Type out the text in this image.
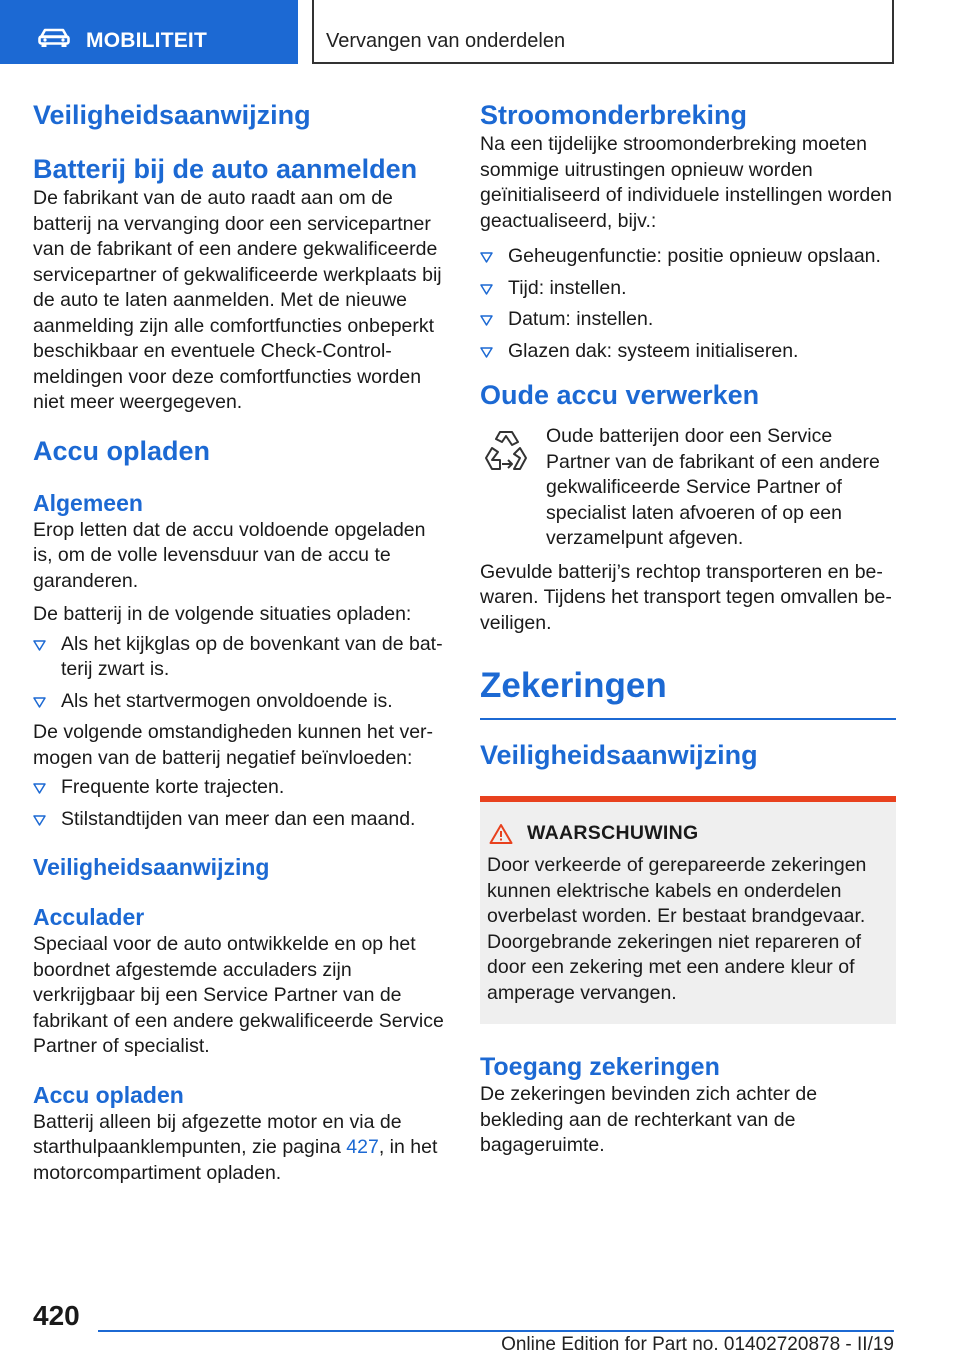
MOBILITEIT	Vervangen van onderdelen
Veiligheidsaanwijzing
Batterij bij de auto aanmelden

De fabrikant van de auto raadt aan om de batterij na vervanging door een servicepartner van de fabrikant of een andere gekwalificeerde servicepartner of gekwalificeerde werkplaats bij de auto te laten aanmelden. Met de nieuwe aanmelding zijn alle comfortfuncties onbeperkt beschikbaar en eventuele Check-Control-meldingen voor deze comfortfuncties worden niet meer weergegeven.

Accu opladen
Algemeen

Erop letten dat de accu voldoende opgeladen is, om de volle levensduur van de accu te garanderen.

De batterij in de volgende situaties opladen:

Als het kijkglas op de bovenkant van de batterij zwart is.
Als het startvermogen onvoldoende is.

De volgende omstandigheden kunnen het vermogen van de batterij negatief beïnvloeden:

Frequente korte trajecten.
Stilstandtijden van meer dan een maand.
Veiligheidsaanwijzing
Acculader

Speciaal voor de auto ontwikkelde en op het boordnet afgestemde acculaders zijn verkrijgbaar bij een Service Partner van de fabrikant of een andere gekwalificeerde Service Partner of specialist.

Accu opladen

Batterij alleen bij afgezette motor en via de starthulpaanklempunten, zie pagina 427, in het motorcompartiment opladen.

Stroomonderbreking

Na een tijdelijke stroomonderbreking moeten sommige uitrustingen opnieuw worden geïnitialiseerd of individuele instellingen worden geactualiseerd, bijv.:

Geheugenfunctie: positie opnieuw opslaan.
Tijd: instellen.
Datum: instellen.
Glazen dak: systeem initialiseren.
Oude accu verwerken

Oude batterijen door een Service Partner van de fabrikant of een andere gekwalificeerde Service Partner of specialist laten afvoeren of op een verzamelpunt afgeven.

Gevulde batterij’s rechtop transporteren en bewaren. Tijdens het transport tegen omvallen beveiligen.

Zekeringen
Veiligheidsaanwijzing
WAARSCHUWING

Door verkeerde of gerepareerde zekeringen kunnen elektrische kabels en onderdelen overbelast worden. Er bestaat brandgevaar. Doorgebrande zekeringen niet repareren of door een zekering met een andere kleur of amperage vervangen.

Toegang zekeringen

De zekeringen bevinden zich achter de bekleding aan de rechterkant van de bagageruimte.

420
Online Edition for Part no. 01402720878 - II/19
